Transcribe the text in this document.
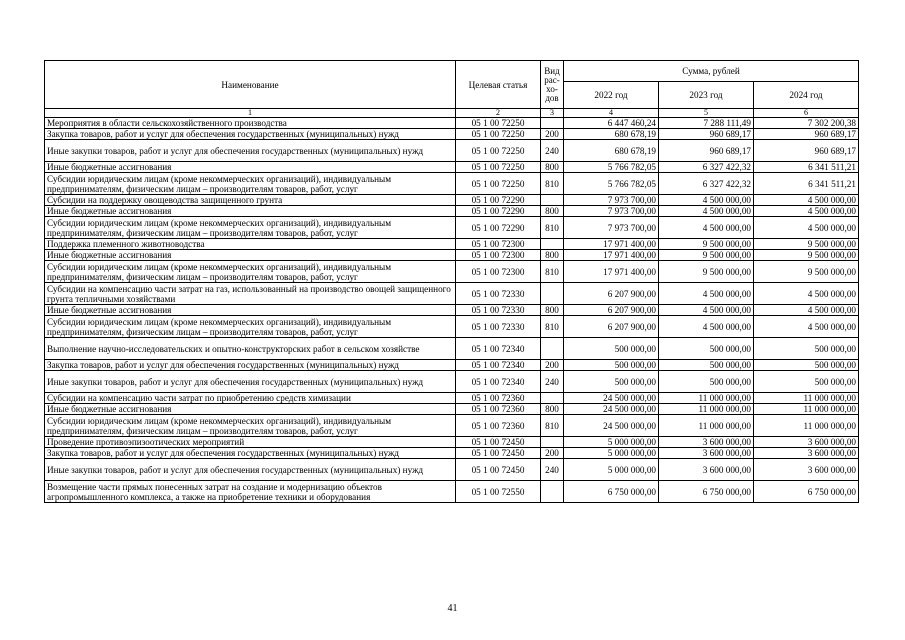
Наименование	Целевая статья	Вид рас-хо-дов	Сумма, рублей		
			2022 год	2023 год	2024 год
1	2	3	4	5	6
Мероприятия в области сельскохозяйственного производства	05 1 00 72250		6 447 460,24	7 288 111,49	7 302 200,38
Закупка товаров, работ и услуг для обеспечения государственных (муниципальных) нужд	05 1 00 72250	200	680 678,19	960 689,17	960 689,17
Иные закупки товаров, работ и услуг для обеспечения государственных (муниципальных) нужд	05 1 00 72250	240	680 678,19	960 689,17	960 689,17
Иные бюджетные ассигнования	05 1 00 72250	800	5 766 782,05	6 327 422,32	6 341 511,21
Субсидии юридическим лицам (кроме некоммерческих организаций), индивидуальным предпринимателям, физическим лицам – производителям товаров, работ, услуг	05 1 00 72250	810	5 766 782,05	6 327 422,32	6 341 511,21
Субсидии на поддержку овощеводства защищенного грунта	05 1 00 72290		7 973 700,00	4 500 000,00	4 500 000,00
Иные бюджетные ассигнования	05 1 00 72290	800	7 973 700,00	4 500 000,00	4 500 000,00
Субсидии юридическим лицам (кроме некоммерческих организаций), индивидуальным предпринимателям, физическим лицам – производителям товаров, работ, услуг	05 1 00 72290	810	7 973 700,00	4 500 000,00	4 500 000,00
Поддержка племенного животноводства	05 1 00 72300		17 971 400,00	9 500 000,00	9 500 000,00
Иные бюджетные ассигнования	05 1 00 72300	800	17 971 400,00	9 500 000,00	9 500 000,00
Субсидии юридическим лицам (кроме некоммерческих организаций), индивидуальным предпринимателям, физическим лицам – производителям товаров, работ, услуг	05 1 00 72300	810	17 971 400,00	9 500 000,00	9 500 000,00
Субсидии на компенсацию части затрат на газ, использованный на производство овощей защищенного грунта тепличными хозяйствами	05 1 00 72330		6 207 900,00	4 500 000,00	4 500 000,00
Иные бюджетные ассигнования	05 1 00 72330	800	6 207 900,00	4 500 000,00	4 500 000,00
Субсидии юридическим лицам (кроме некоммерческих организаций), индивидуальным предпринимателям, физическим лицам – производителям товаров, работ, услуг	05 1 00 72330	810	6 207 900,00	4 500 000,00	4 500 000,00
Выполнение научно-исследовательских и опытно-конструкторских работ в сельском хозяйстве	05 1 00 72340		500 000,00	500 000,00	500 000,00
Закупка товаров, работ и услуг для обеспечения государственных (муниципальных) нужд	05 1 00 72340	200	500 000,00	500 000,00	500 000,00
Иные закупки товаров, работ и услуг для обеспечения государственных (муниципальных) нужд	05 1 00 72340	240	500 000,00	500 000,00	500 000,00
Субсидии на компенсацию части затрат по приобретению средств химизации	05 1 00 72360		24 500 000,00	11 000 000,00	11 000 000,00
Иные бюджетные ассигнования	05 1 00 72360	800	24 500 000,00	11 000 000,00	11 000 000,00
Субсидии юридическим лицам (кроме некоммерческих организаций), индивидуальным предпринимателям, физическим лицам – производителям товаров, работ, услуг	05 1 00 72360	810	24 500 000,00	11 000 000,00	11 000 000,00
Проведение противоэпизоотических мероприятий	05 1 00 72450		5 000 000,00	3 600 000,00	3 600 000,00
Закупка товаров, работ и услуг для обеспечения государственных (муниципальных) нужд	05 1 00 72450	200	5 000 000,00	3 600 000,00	3 600 000,00
Иные закупки товаров, работ и услуг для обеспечения государственных (муниципальных) нужд	05 1 00 72450	240	5 000 000,00	3 600 000,00	3 600 000,00
Возмещение части прямых понесенных затрат на создание и модернизацию объектов агропромышленного комплекса, а также на приобретение техники и оборудования	05 1 00 72550		6 750 000,00	6 750 000,00	6 750 000,00
41
